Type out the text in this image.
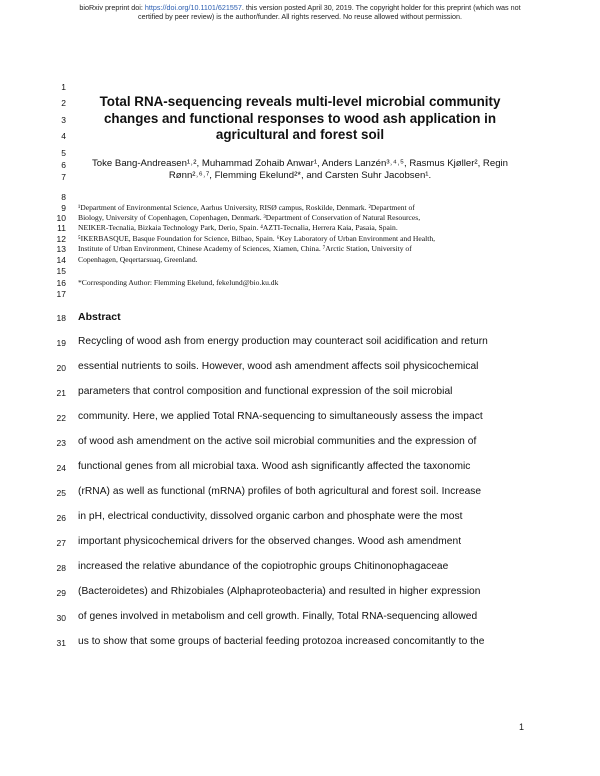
bioRxiv preprint doi: https://doi.org/10.1101/621557. this version posted April 30, 2019. The copyright holder for this preprint (which was not
certified by peer review) is the author/funder. All rights reserved. No reuse allowed without permission.
1
2
3
4
5
6
7
8
9
10
11
12
13
14
15
16
17
18
19
20
21
22
23
24
25
26
27
28
29
30
31
Total RNA-sequencing reveals multi-level microbial community
changes and functional responses to wood ash application in
agricultural and forest soil
Toke Bang-Andreasen¹˒², Muhammad Zohaib Anwar¹, Anders Lanzén³˒⁴˒⁵, Rasmus Kjøller², Regin
Rønn²˒⁶˒⁷, Flemming Ekelund²*, and Carsten Suhr Jacobsen¹.
¹Department of Environmental Science, Aarhus University, RISØ campus, Roskilde, Denmark. ²Department of
Biology, University of Copenhagen, Copenhagen, Denmark. ³Department of Conservation of Natural Resources,
NEIKER-Tecnalia, Bizkaia Technology Park, Derio, Spain. ⁴AZTI-Tecnalia, Herrera Kaia, Pasaia, Spain.
⁵IKERBASQUE, Basque Foundation for Science, Bilbao, Spain. ⁶Key Laboratory of Urban Environment and Health,
Institute of Urban Environment, Chinese Academy of Sciences, Xiamen, China. ⁷Arctic Station, University of
Copenhagen, Qeqertarsuaq, Greenland.
*Corresponding Author: Flemming Ekelund, fekelund@bio.ku.dk
Abstract
Recycling of wood ash from energy production may counteract soil acidification and return
essential nutrients to soils. However, wood ash amendment affects soil physicochemical
parameters that control composition and functional expression of the soil microbial
community. Here, we applied Total RNA-sequencing to simultaneously assess the impact
of wood ash amendment on the active soil microbial communities and the expression of
functional genes from all microbial taxa. Wood ash significantly affected the taxonomic
(rRNA) as well as functional (mRNA) profiles of both agricultural and forest soil. Increase
in pH, electrical conductivity, dissolved organic carbon and phosphate were the most
important physicochemical drivers for the observed changes. Wood ash amendment
increased the relative abundance of the copiotrophic groups Chitinonophagaceae
(Bacteroidetes) and Rhizobiales (Alphaproteobacteria) and resulted in higher expression
of genes involved in metabolism and cell growth. Finally, Total RNA-sequencing allowed
us to show that some groups of bacterial feeding protozoa increased concomitantly to the
1
